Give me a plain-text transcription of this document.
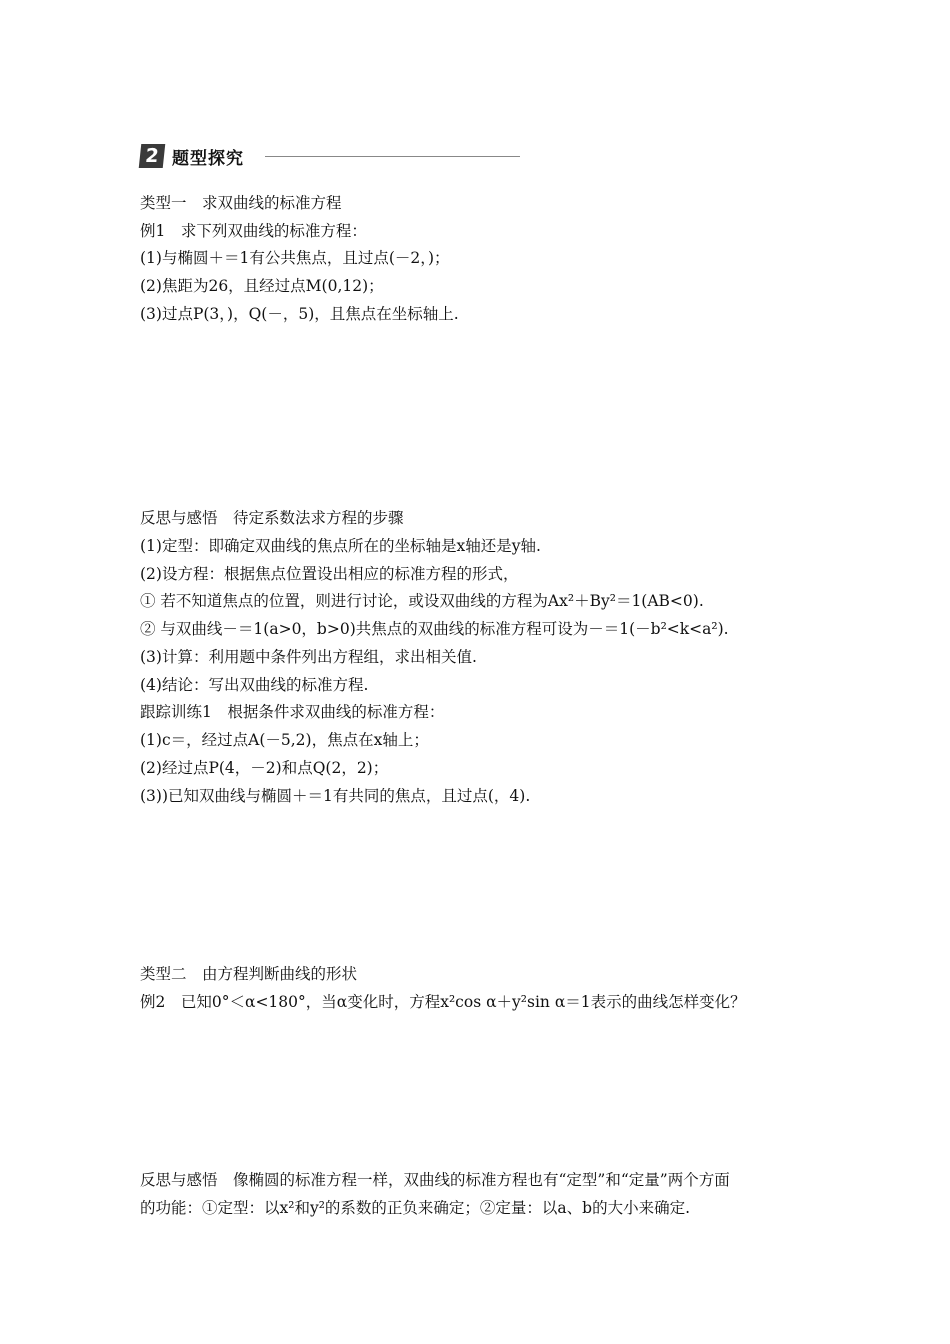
2 题型探究
类型一　求双曲线的标准方程
例1　求下列双曲线的标准方程：
(1)与椭圆＋＝1有公共焦点，且过点(－2，)；
(2)焦距为26，且经过点M(0,12)；
(3)过点P(3，)，Q(－，5)，且焦点在坐标轴上.
反思与感悟　待定系数法求方程的步骤
(1)定型：即确定双曲线的焦点所在的坐标轴是x轴还是y轴.
(2)设方程：根据焦点位置设出相应的标准方程的形式，
① 若不知道焦点的位置，则进行讨论，或设双曲线的方程为Ax²＋By²＝1(AB<0).
② 与双曲线－＝1(a>0，b>0)共焦点的双曲线的标准方程可设为－＝1(－b²<k<a²).
(3)计算：利用题中条件列出方程组，求出相关值.
(4)结论：写出双曲线的标准方程.
跟踪训练1　根据条件求双曲线的标准方程：
(1)c＝，经过点A(－5,2)，焦点在x轴上；
(2)经过点P(4，－2)和点Q(2，2)；
(3))已知双曲线与椭圆＋＝1有共同的焦点，且过点(，4).
类型二　由方程判断曲线的形状
例2　已知0°＜α<180°，当α变化时，方程x²cos α＋y²sin α＝1表示的曲线怎样变化？
反思与感悟　像椭圆的标准方程一样，双曲线的标准方程也有“定型”和“定量”两个方面
的功能：①定型：以x²和y²的系数的正负来确定；②定量：以a、b的大小来确定.
